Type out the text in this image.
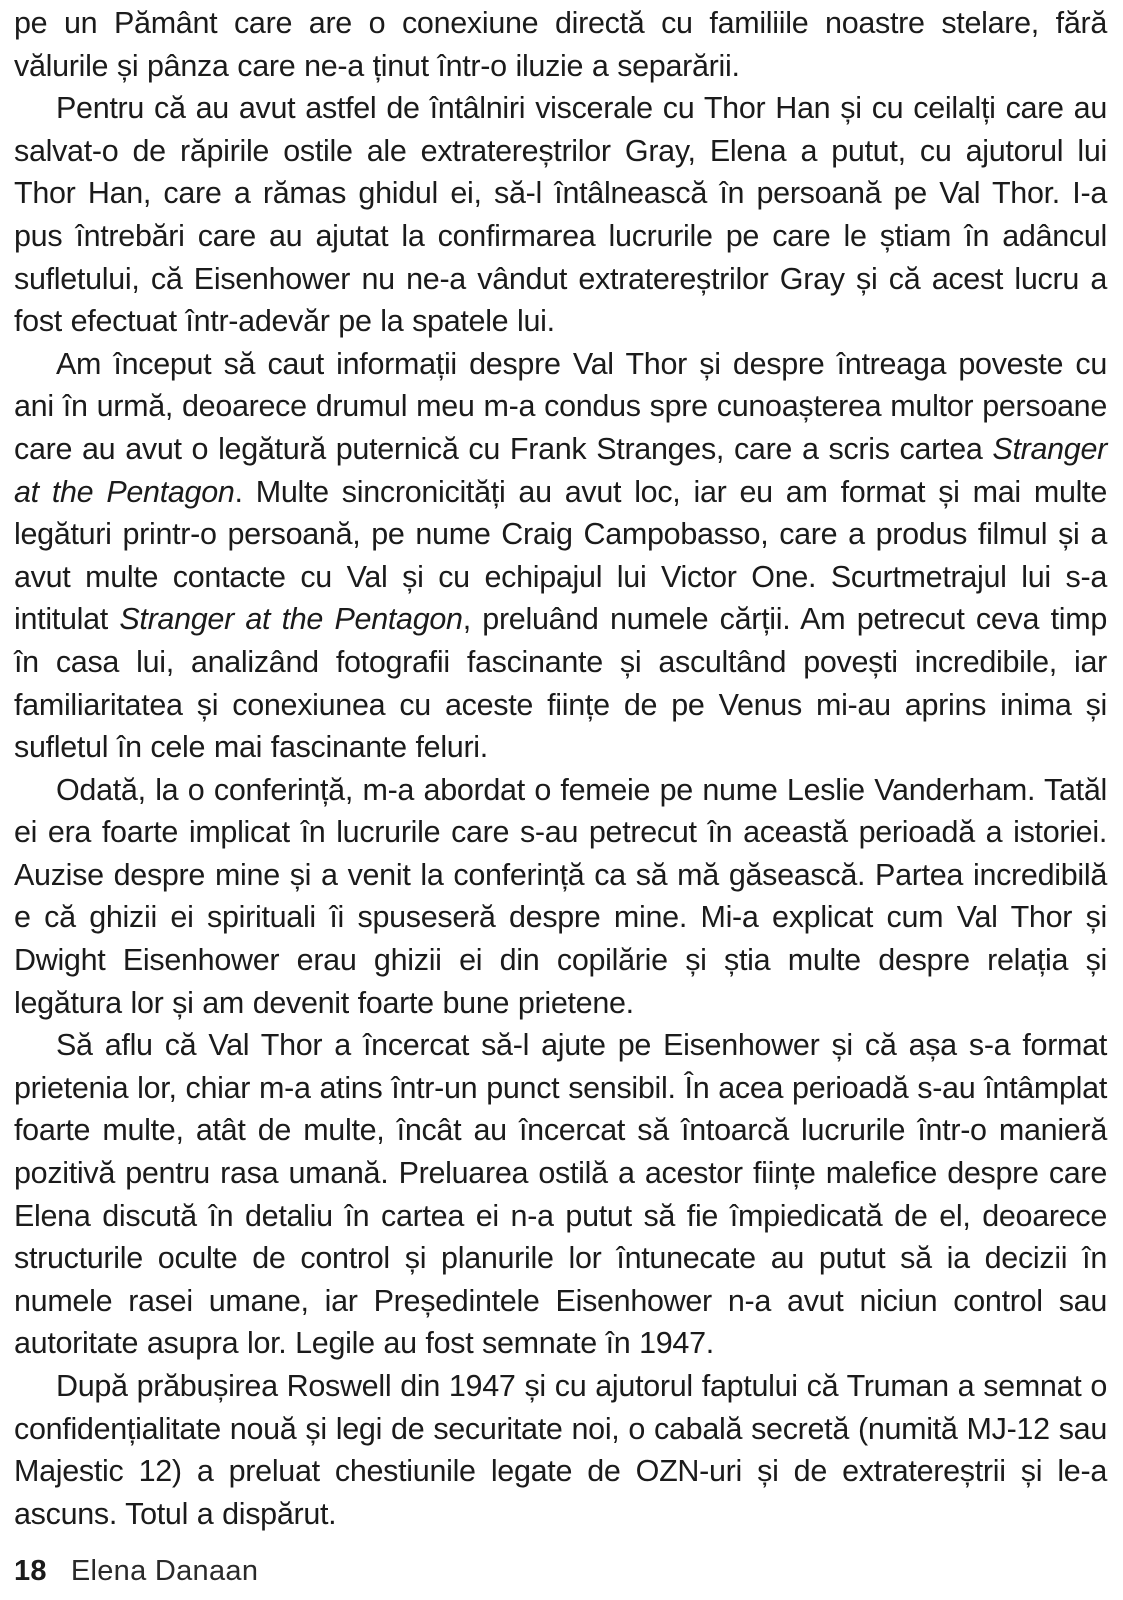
pe un Pământ care are o conexiune directă cu familiile noastre stelare, fără vălurile și pânza care ne-a ținut într-o iluzie a separării.

Pentru că au avut astfel de întâlniri viscerale cu Thor Han și cu ceilalți care au salvat-o de răpirile ostile ale extratereștrilor Gray, Elena a putut, cu ajutorul lui Thor Han, care a rămas ghidul ei, să-l întâlnească în persoană pe Val Thor. I-a pus întrebări care au ajutat la confirmarea lucrurile pe care le știam în adâncul sufletului, că Eisenhower nu ne-a vândut extratereștrilor Gray și că acest lucru a fost efectuat într-adevăr pe la spatele lui.

Am început să caut informații despre Val Thor și despre întreaga poveste cu ani în urmă, deoarece drumul meu m-a condus spre cunoașterea multor persoane care au avut o legătură puternică cu Frank Stranges, care a scris cartea Stranger at the Pentagon. Multe sincronicități au avut loc, iar eu am format și mai multe legături printr-o persoană, pe nume Craig Campobasso, care a produs filmul și a avut multe contacte cu Val și cu echipajul lui Victor One. Scurtmetrajul lui s-a intitulat Stranger at the Pentagon, preluând numele cărții. Am petrecut ceva timp în casa lui, analizând fotografii fascinante și ascultând povești incredibile, iar familiaritatea și conexiunea cu aceste ființe de pe Venus mi-au aprins inima și sufletul în cele mai fascinante feluri.

Odată, la o conferință, m-a abordat o femeie pe nume Leslie Vanderham. Tatăl ei era foarte implicat în lucrurile care s-au petrecut în această perioadă a istoriei. Auzise despre mine și a venit la conferință ca să mă găsească. Partea incredibilă e că ghizii ei spirituali îi spuseseră despre mine. Mi-a explicat cum Val Thor și Dwight Eisenhower erau ghizii ei din copilărie și știa multe despre relația și legătura lor și am devenit foarte bune prietene.

Să aflu că Val Thor a încercat să-l ajute pe Eisenhower și că așa s-a format prietenia lor, chiar m-a atins într-un punct sensibil. În acea perioadă s-au întâmplat foarte multe, atât de multe, încât au încercat să întoarcă lucrurile într-o manieră pozitivă pentru rasa umană. Preluarea ostilă a acestor ființe malefice despre care Elena discută în detaliu în cartea ei n-a putut să fie împiedicată de el, deoarece structurile oculte de control și planurile lor întunecate au putut să ia decizii în numele rasei umane, iar Președintele Eisenhower n-a avut niciun control sau autoritate asupra lor. Legile au fost semnate în 1947.

După prăbușirea Roswell din 1947 și cu ajutorul faptului că Truman a semnat o confidențialitate nouă și legi de securitate noi, o cabală secretă (numită MJ-12 sau Majestic 12) a preluat chestiunile legate de OZN-uri și de extratereștrii și le-a ascuns. Totul a dispărut.

18 Elena Danaan
